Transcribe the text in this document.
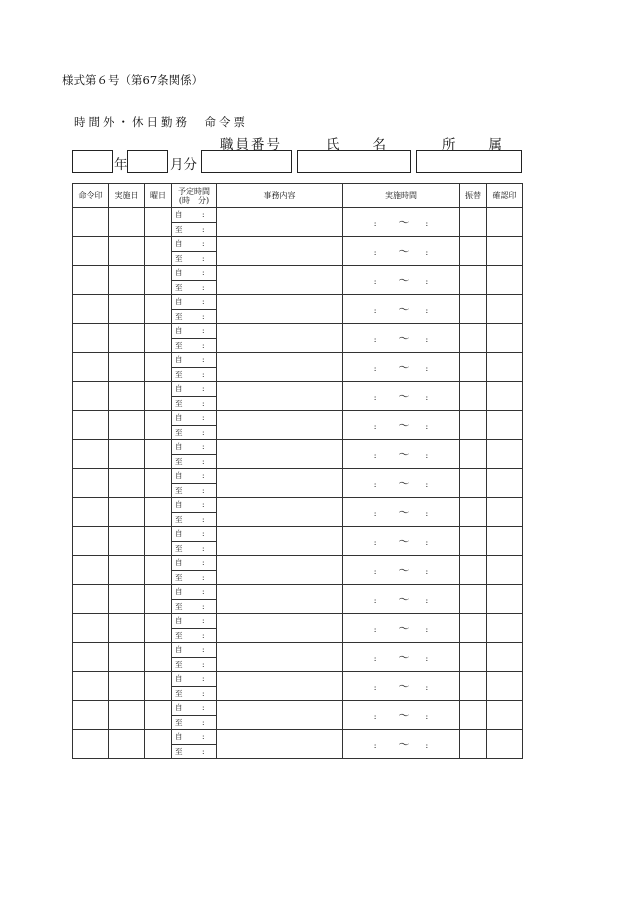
様式第６号（第67条関係）
時間外・休日勤務　命令票
職員番号	氏　　名	所　　属
年	月分
命令印	実施日	曜日	予定時間
(時　分)	事務内容	実施時間	振替	確認印

			自 :		: 〜 :		

			至 :				

			自 :		: 〜 :		

			至 :				

			自 :		: 〜 :		

			至 :				

			自 :		: 〜 :		

			至 :				

			自 :		: 〜 :		

			至 :				

			自 :		: 〜 :		

			至 :				

			自 :		: 〜 :		

			至 :				

			自 :		: 〜 :		

			至 :				

			自 :		: 〜 :		

			至 :				

			自 :		: 〜 :		

			至 :				

			自 :		: 〜 :		

			至 :				

			自 :		: 〜 :		

			至 :				

			自 :		: 〜 :		

			至 :				

			自 :		: 〜 :		

			至 :				

			自 :		: 〜 :		

			至 :				

			自 :		: 〜 :		

			至 :				

			自 :		: 〜 :		

			至 :				

			自 :		: 〜 :		

			至 :				

			自 :		: 〜 :		

			至 :				
